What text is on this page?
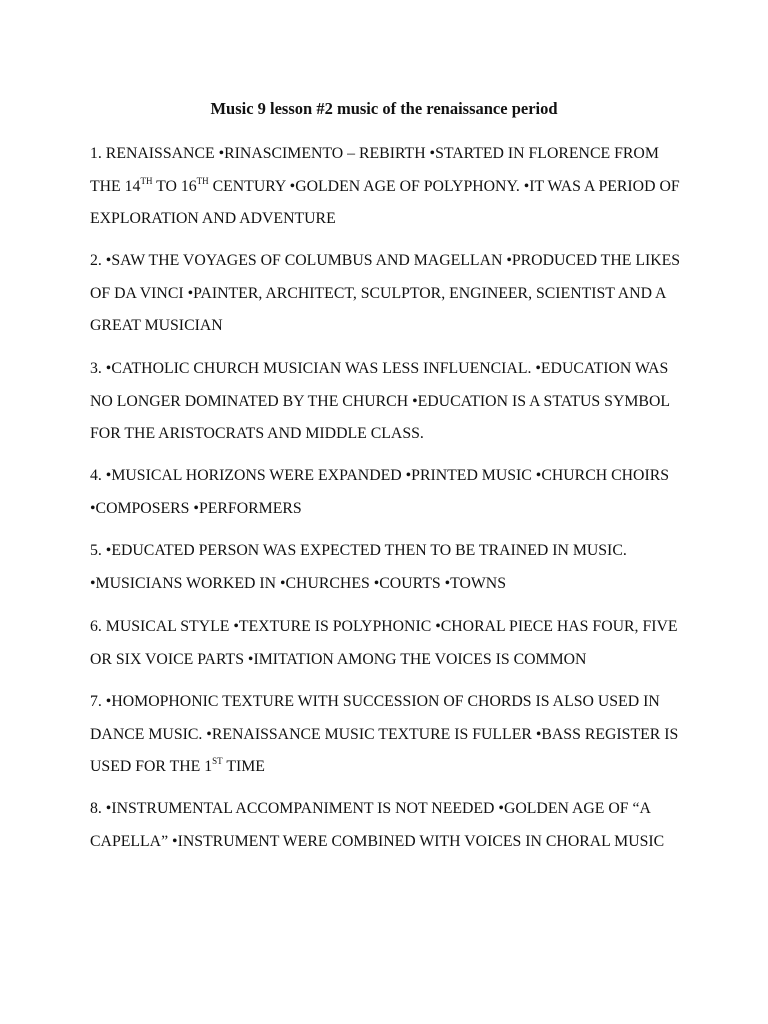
Music 9 lesson #2 music of the renaissance period

1. RENAISSANCE •RINASCIMENTO – REBIRTH •STARTED IN FLORENCE FROM THE 14TH TO 16TH CENTURY •GOLDEN AGE OF POLYPHONY. •IT WAS A PERIOD OF EXPLORATION AND ADVENTURE

2. •SAW THE VOYAGES OF COLUMBUS AND MAGELLAN •PRODUCED THE LIKES OF DA VINCI •PAINTER, ARCHITECT, SCULPTOR, ENGINEER, SCIENTIST AND A GREAT MUSICIAN

3. •CATHOLIC CHURCH MUSICIAN WAS LESS INFLUENCIAL. •EDUCATION WAS NO LONGER DOMINATED BY THE CHURCH •EDUCATION IS A STATUS SYMBOL FOR THE ARISTOCRATS AND MIDDLE CLASS.

4. •MUSICAL HORIZONS WERE EXPANDED •PRINTED MUSIC •CHURCH CHOIRS •COMPOSERS •PERFORMERS

5. •EDUCATED PERSON WAS EXPECTED THEN TO BE TRAINED IN MUSIC. •MUSICIANS WORKED IN •CHURCHES •COURTS •TOWNS

6. MUSICAL STYLE •TEXTURE IS POLYPHONIC •CHORAL PIECE HAS FOUR, FIVE OR SIX VOICE PARTS •IMITATION AMONG THE VOICES IS COMMON

7. •HOMOPHONIC TEXTURE WITH SUCCESSION OF CHORDS IS ALSO USED IN DANCE MUSIC. •RENAISSANCE MUSIC TEXTURE IS FULLER •BASS REGISTER IS USED FOR THE 1ST TIME

8. •INSTRUMENTAL ACCOMPANIMENT IS NOT NEEDED •GOLDEN AGE OF “A CAPELLA” •INSTRUMENT WERE COMBINED WITH VOICES IN CHORAL MUSIC
